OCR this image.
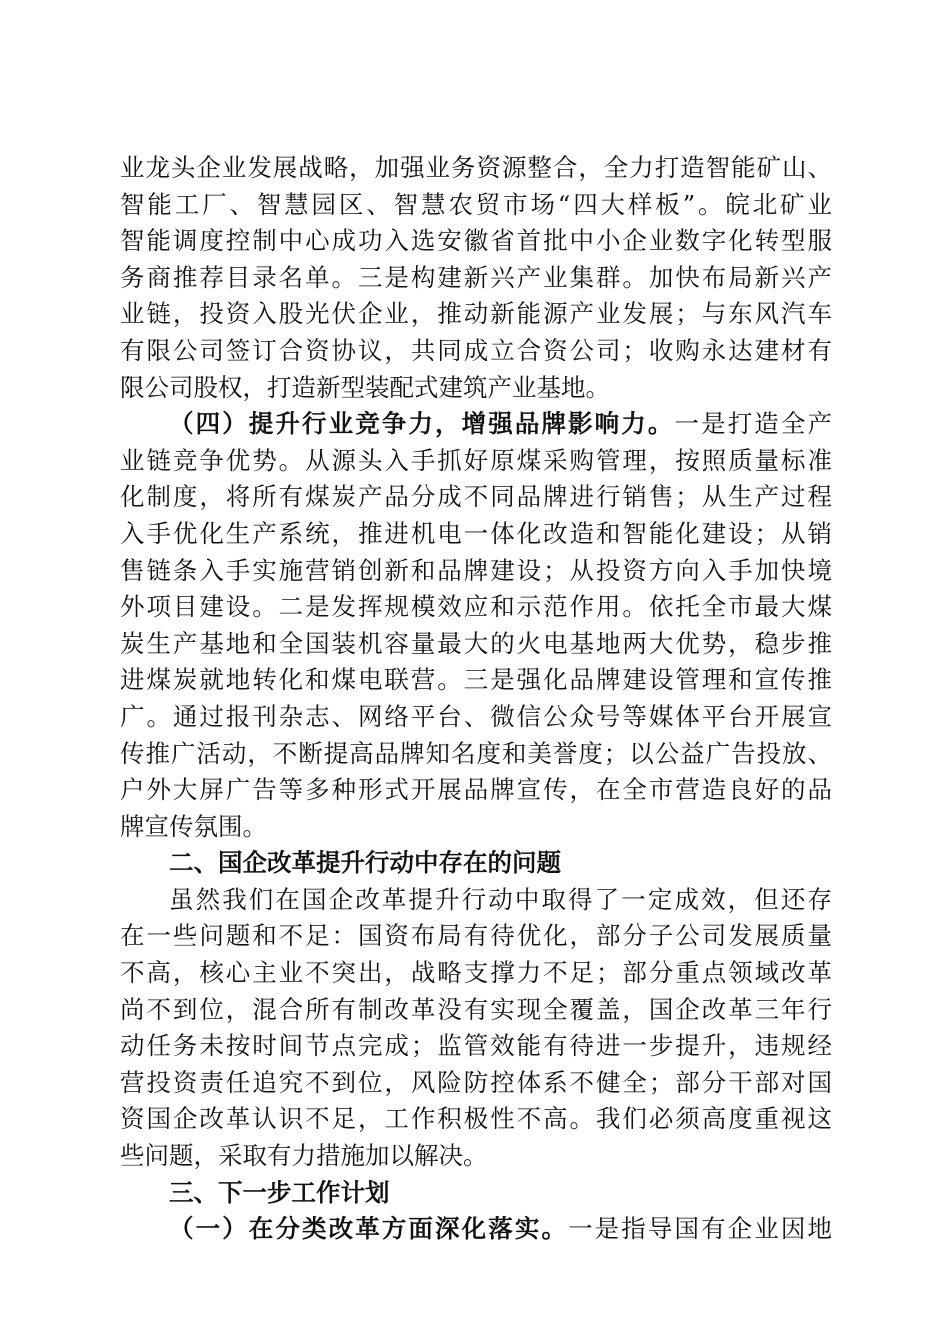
业龙头企业发展战略，加强业务资源整合，全力打造智能矿山、
智能工厂、智慧园区、智慧农贸市场“四大样板”。皖北矿业
智能调度控制中心成功入选安徽省首批中小企业数字化转型服
务商推荐目录名单。三是构建新兴产业集群。加快布局新兴产
业链，投资入股光伏企业，推动新能源产业发展；与东风汽车
有限公司签订合资协议，共同成立合资公司；收购永达建材有
限公司股权，打造新型装配式建筑产业基地。
（四）提升行业竞争力，增强品牌影响力。一是打造全产
业链竞争优势。从源头入手抓好原煤采购管理，按照质量标准
化制度，将所有煤炭产品分成不同品牌进行销售；从生产过程
入手优化生产系统，推进机电一体化改造和智能化建设；从销
售链条入手实施营销创新和品牌建设；从投资方向入手加快境
外项目建设。二是发挥规模效应和示范作用。依托全市最大煤
炭生产基地和全国装机容量最大的火电基地两大优势，稳步推
进煤炭就地转化和煤电联营。三是强化品牌建设管理和宣传推
广。通过报刊杂志、网络平台、微信公众号等媒体平台开展宣
传推广活动，不断提高品牌知名度和美誉度；以公益广告投放、
户外大屏广告等多种形式开展品牌宣传，在全市营造良好的品
牌宣传氛围。
二、国企改革提升行动中存在的问题
虽然我们在国企改革提升行动中取得了一定成效，但还存
在一些问题和不足：国资布局有待优化，部分子公司发展质量
不高，核心主业不突出，战略支撑力不足；部分重点领域改革
尚不到位，混合所有制改革没有实现全覆盖，国企改革三年行
动任务未按时间节点完成；监管效能有待进一步提升，违规经
营投资责任追究不到位，风险防控体系不健全；部分干部对国
资国企改革认识不足，工作积极性不高。我们必须高度重视这
些问题，采取有力措施加以解决。
三、下一步工作计划
（一）在分类改革方面深化落实。一是指导国有企业因地
